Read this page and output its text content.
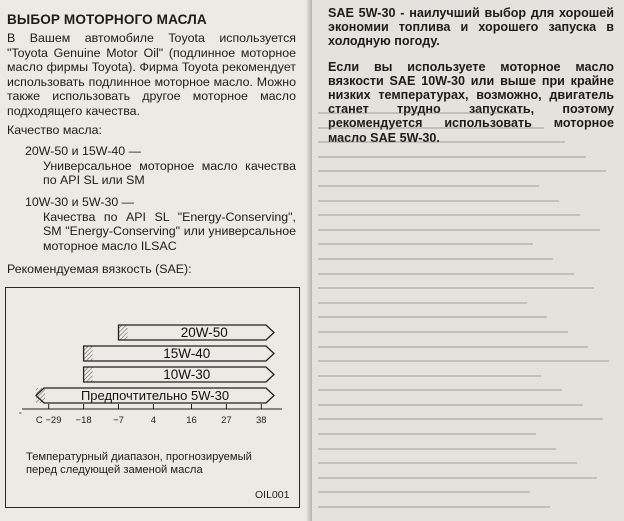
ВЫБОР МОТОРНОГО МАСЛА

В Вашем автомобиле Toyota используется "Toyota Genuine Motor Oil" (подлинное моторное масло фирмы Toyota). Фирма Toyota рекомендует использовать подлинное моторное масло. Можно также использовать другое моторное масло подходящего качества.

Качество масла:
20W-50 и 15W-40 —
Универсальное моторное масло качества по API SL или SM
10W-30 и 5W-30 —
Качества по API SL "Energy-Conserving", SM "Energy-Conserving" или универсальное моторное масло ILSAC
Рекомендуемая вязкость (SAE):

SAE 5W-30 - наилучший выбор для хорошей экономии топлива и хорошего запуска в холодную погоду.

Если вы используете моторное масло вязкости SAE 10W-30 или выше при крайне низких температурах, возможно, двигатель станет трудно запускать, поэтому рекомендуется использовать моторное масло SAE 5W-30.

20W-50
15W-40
10W-30
Предпочтительно 5W-30
C −29 −18 −7	4	16	27	38
°
Температурный диапазон, прогнозируемый перед следующей заменой масла
OIL001
